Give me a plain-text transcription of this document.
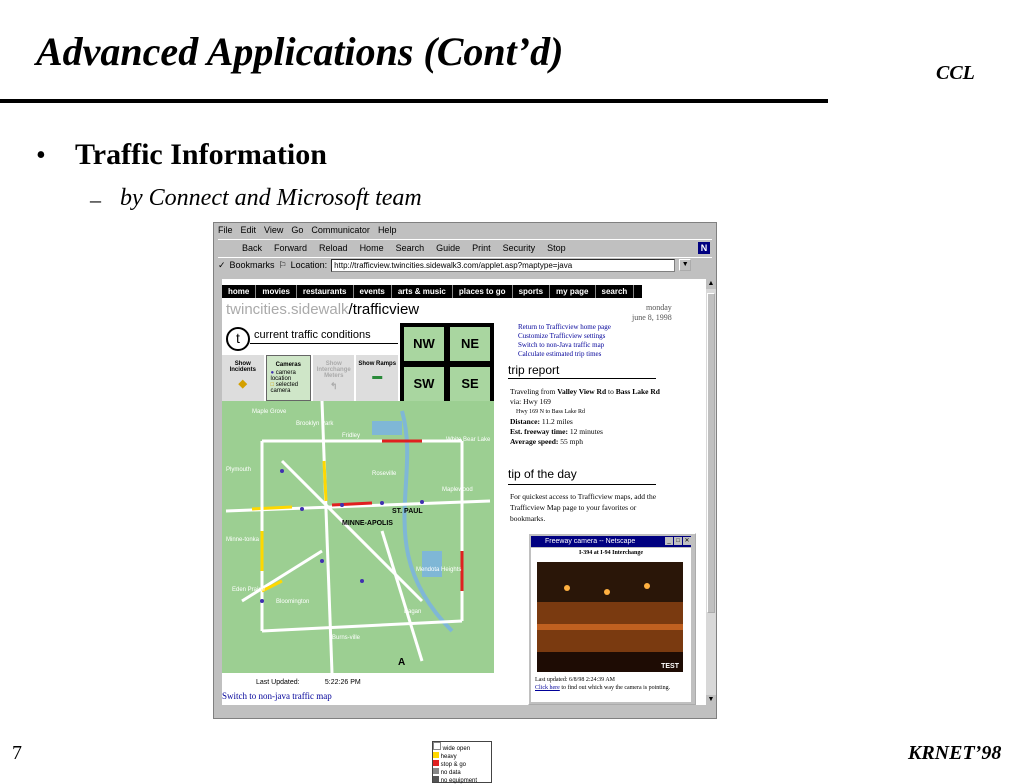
Advanced Applications (Cont’d)	CCL
• Traffic Information
– by Connect and Microsoft team
File Edit View Go Communicator Help
Back Forward Reload Home Search Guide Print Security Stop	N
✓ Bookmarks ⚐ Location: http://trafficview.twincities.sidewalk3.com/applet.asp?maptype=java	▼
home	movies	restaurants	events	arts & music	places to go	sports	my page	search
twincities.sidewalk/trafficview	monday
june 8, 1998
t	current traffic conditions
NW	NE
SW	SE
Return to Trafficview home page
Customize Trafficview settings
Switch to non-Java traffic map
Calculate estimated trip times
Show Incidents
◆
Cameras
● camera location
□ selected camera
Show Interchange Meters
↰
Show Ramps
▬
MINNE-APOLIS
ST. PAUL
Maple Grove
Brooklyn Park
Fridley
White Bear Lake
Roseville
Maplewood
Plymouth
Minne-tonka
Eden Prairie
Bloomington
Burns-ville
Mendota Heights
Eagan
A
wide open
heavy
stop & go
no data
no equipment
Last Updated:	5:22:26 PM
Switch to non-java traffic map
trip report
Traveling from Valley View Rd to Bass Lake Rd
via: Hwy 169
Hwy 169 N to Bass Lake Rd
Distance: 11.2 miles
Est. freeway time: 12 minutes
Average speed: 55 mph
tip of the day
For quickest access to Trafficview maps, add the Trafficview Map page to your favorites or bookmarks.
Freeway camera -- Netscape	_ □ ✕
I-394 at I-94 Interchange
TEST
Last updated: 6/8/98 2:24:39 AM
Click here to find out which way the camera is pointing.
▲
▼
7	KRNET’98
